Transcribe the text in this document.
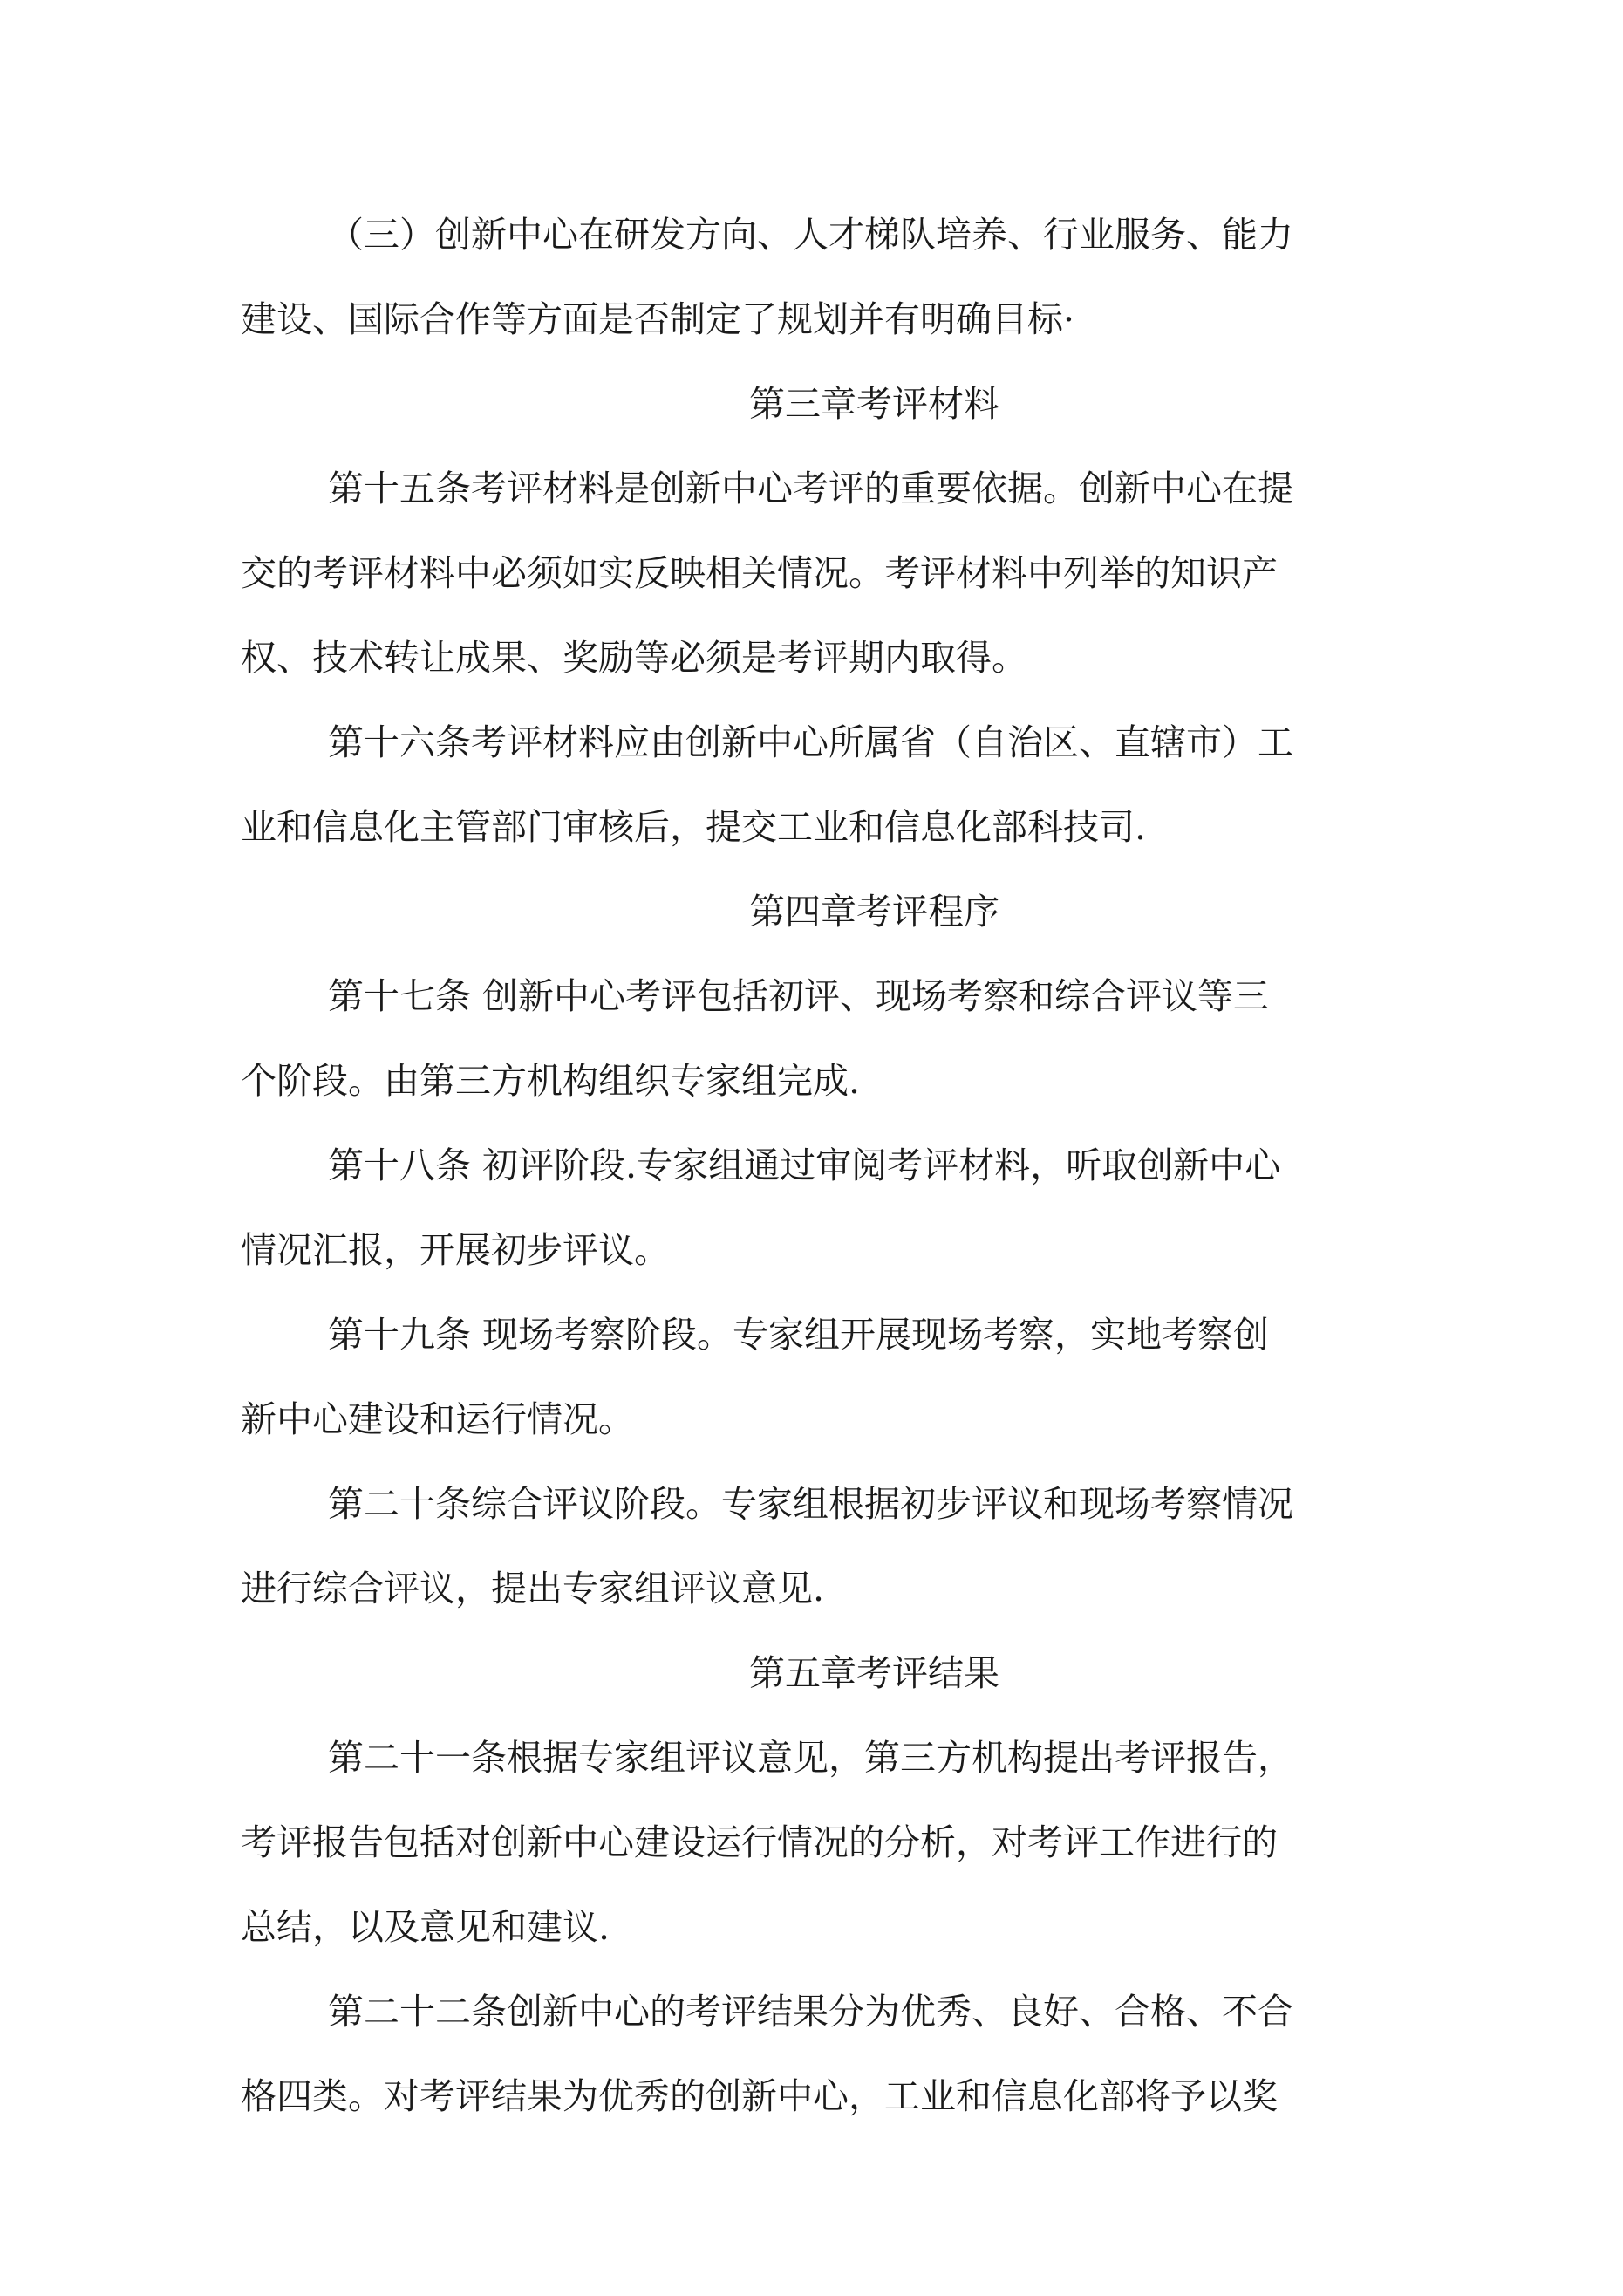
（三）创新中心在研发方向、人才梯队培养、行业服务、能力
建设、国际合作等方面是否制定了规划并有明确目标·
第三章考评材料
第十五条考评材料是创新中心考评的重要依据。创新中心在提
交的考评材料中必须如实反映相关情况。考评材料中列举的知识产
权、技术转让成果、奖励等必须是考评期内取得。
第十六条考评材料应由创新中心所属省（自治区、直辖市）工
业和信息化主管部门审核后，提交工业和信息化部科技司.
第四章考评程序
第十七条 创新中心考评包括初评、现场考察和综合评议等三
个阶段。由第三方机构组织专家组完成.
第十八条 初评阶段.专家组通过审阅考评材料，听取创新中心
情况汇报，开展初步评议。
第十九条 现场考察阶段。专家组开展现场考察，实地考察创
新中心建设和运行情况。
第二十条综合评议阶段。专家组根据初步评议和现场考察情况
进行综合评议，提出专家组评议意见.
第五章考评结果
第二十一条根据专家组评议意见，第三方机构提出考评报告，
考评报告包括对创新中心建设运行情况的分析，对考评工作进行的
总结，以及意见和建议.
第二十二条创新中心的考评结果分为优秀、良好、合格、不合
格四类。对考评结果为优秀的创新中心，工业和信息化部将予以奖
